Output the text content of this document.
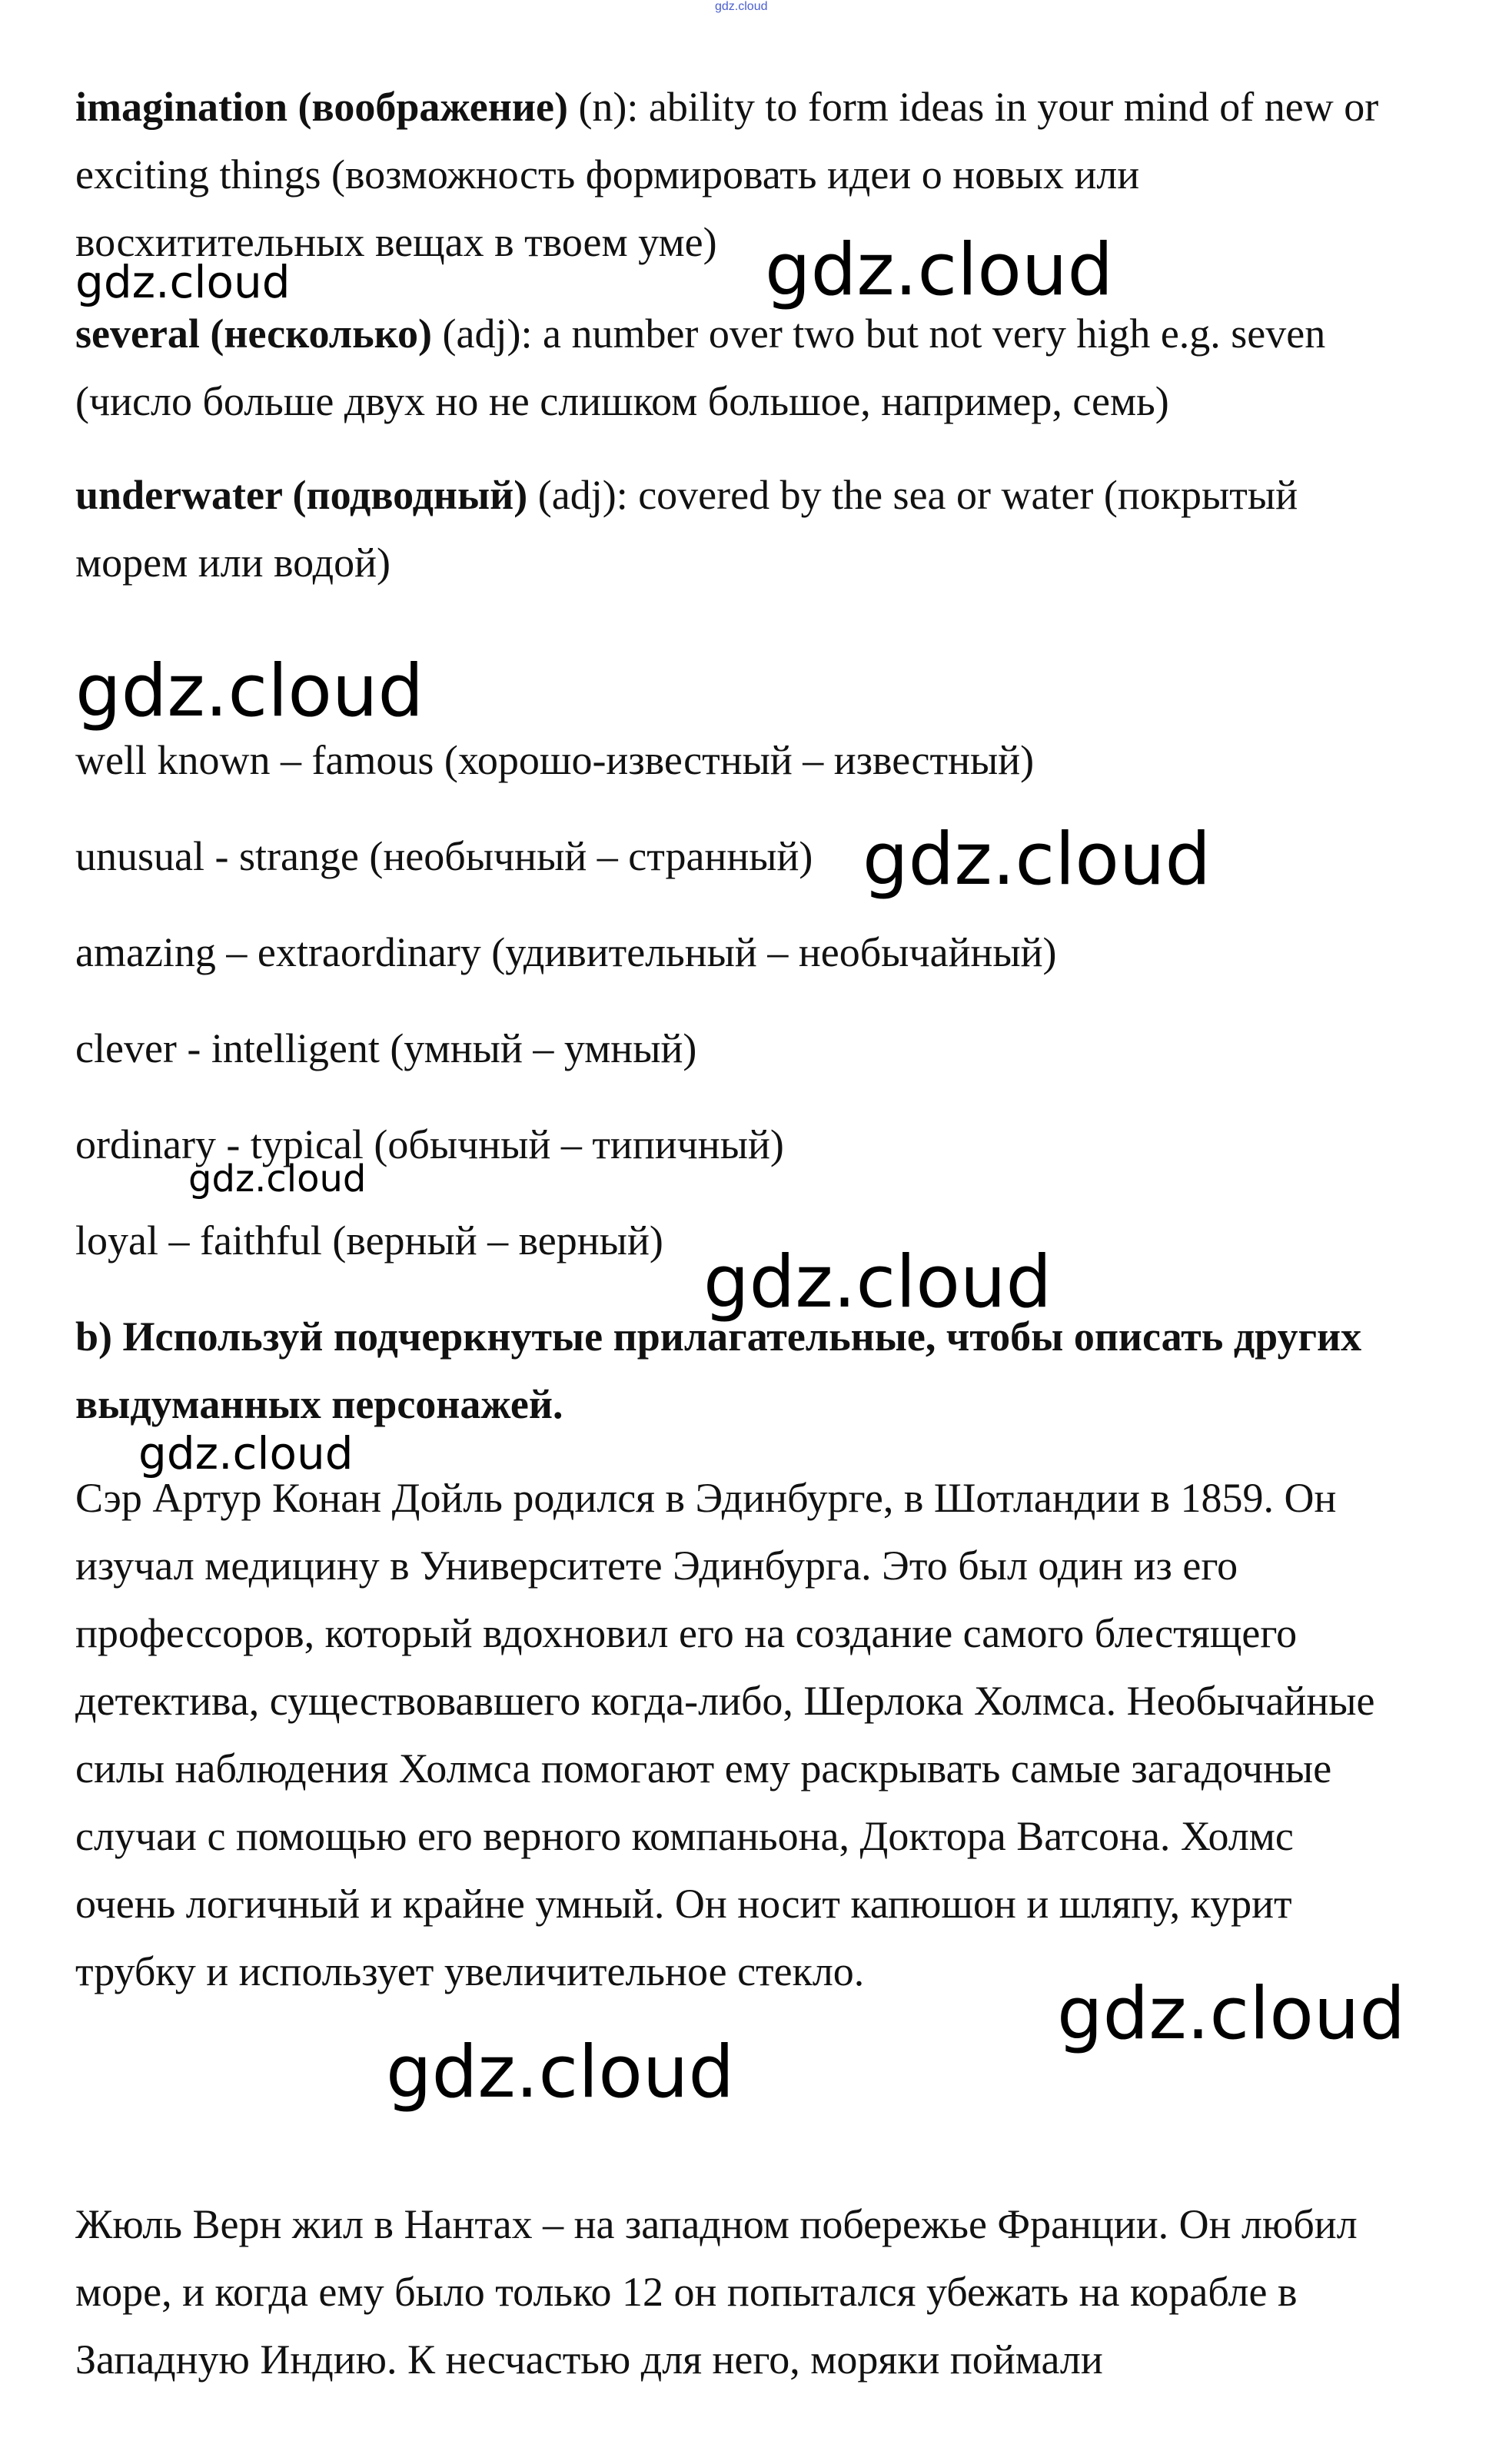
gdz.cloud

imagination (воображение) (n): ability to form ideas in your mind of new or exciting things (возможность формировать идеи о новых или восхитительных вещах в твоем уме)

several (несколько) (adj): a number over two but not very high e.g. seven (число больше двух но не слишком большое, например, семь)

underwater (подводный) (adj): covered by the sea or water (покрытый морем или водой)

well known – famous (хорошо-известный – известный)

unusual - strange (необычный – странный)

amazing – extraordinary (удивительный – необычайный)

clever - intelligent (умный – умный)

ordinary - typical (обычный – типичный)

loyal – faithful (верный – верный)

b) Используй подчеркнутые прилагательные, чтобы описать других выдуманных персонажей.

Сэр Артур Конан Дойль родился в Эдинбурге, в Шотландии в 1859. Он изучал медицину в Университете Эдинбурга. Это был один из его профессоров, который вдохновил его на создание самого блестящего детектива, существовавшего когда-либо, Шерлока Холмса. Необычайные силы наблюдения Холмса помогают ему раскрывать самые загадочные случаи с помощью его верного компаньона, Доктора Ватсона. Холмс очень логичный и крайне умный. Он носит капюшон и шляпу, курит трубку и использует увеличительное стекло.

Жюль Верн жил в Нантах – на западном побережье Франции. Он любил море, и когда ему было только 12 он попытался убежать на корабле в Западную Индию. К несчастью для него, моряки поймали

gdz.cloud	gdz.cloud

gdz.cloud

gdz.cloud

gdz.cloud

gdz.cloud

gdz.cloud

gdz.cloud

gdz.cloud
